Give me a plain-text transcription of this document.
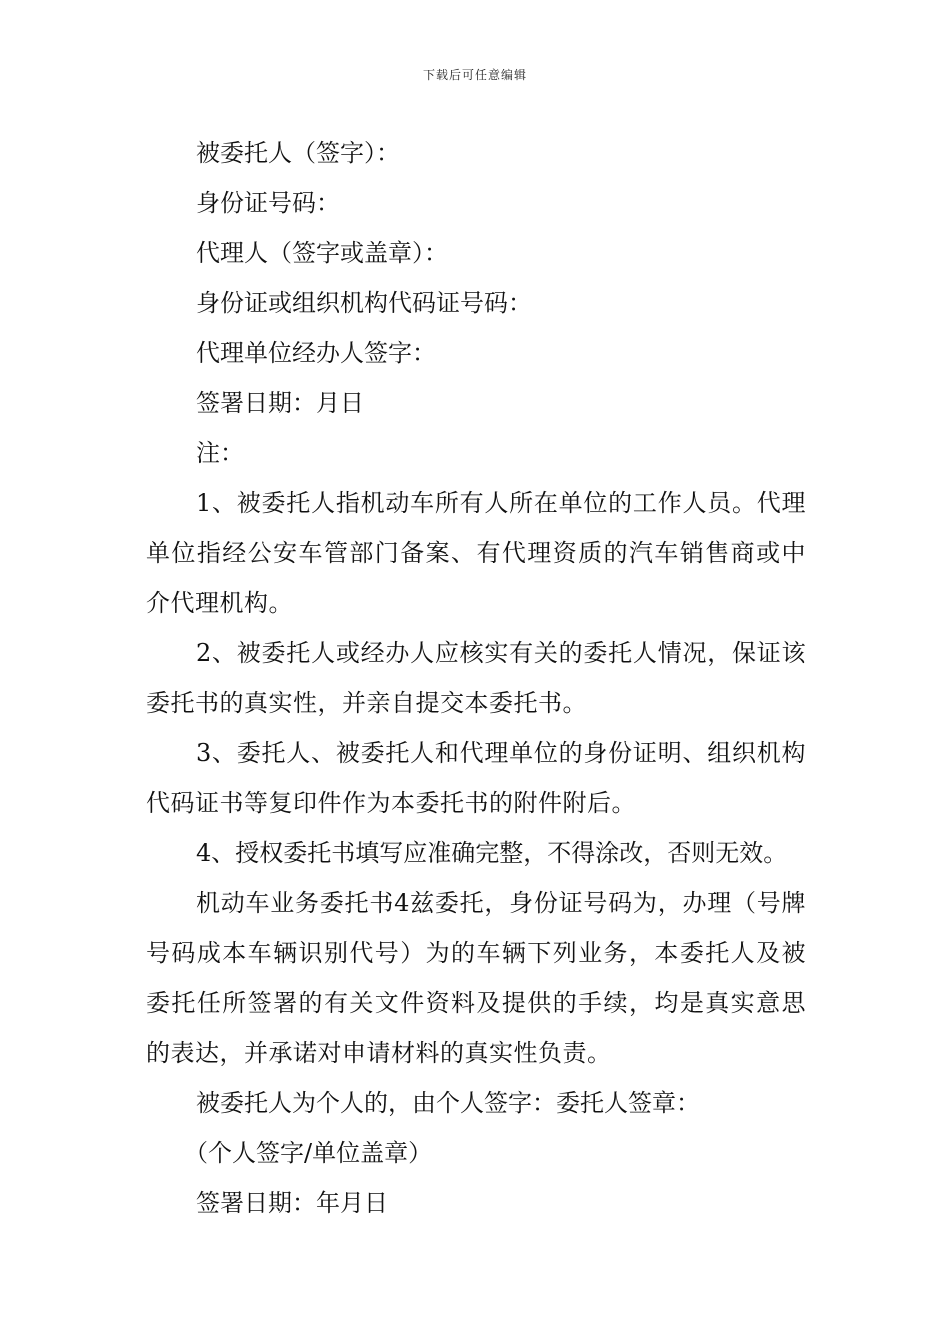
下载后可任意编辑

被委托人（签字）：

身份证号码：

代理人（签字或盖章）：

身份证或组织机构代码证号码：

代理单位经办人签字：

签署日期：月日

注：

1、被委托人指机动车所有人所在单位的工作人员。代理单位指经公安车管部门备案、有代理资质的汽车销售商或中介代理机构。

2、被委托人或经办人应核实有关的委托人情况，保证该委托书的真实性，并亲自提交本委托书。

3、委托人、被委托人和代理单位的身份证明、组织机构代码证书等复印件作为本委托书的附件附后。

4、授权委托书填写应准确完整，不得涂改，否则无效。

机动车业务委托书4兹委托，身份证号码为，办理（号牌号码成本车辆识别代号）为的车辆下列业务，本委托人及被委托任所签署的有关文件资料及提供的手续，均是真实意思的表达，并承诺对申请材料的真实性负责。

被委托人为个人的，由个人签字：委托人签章：

（个人签字/单位盖章）

签署日期：年月日
